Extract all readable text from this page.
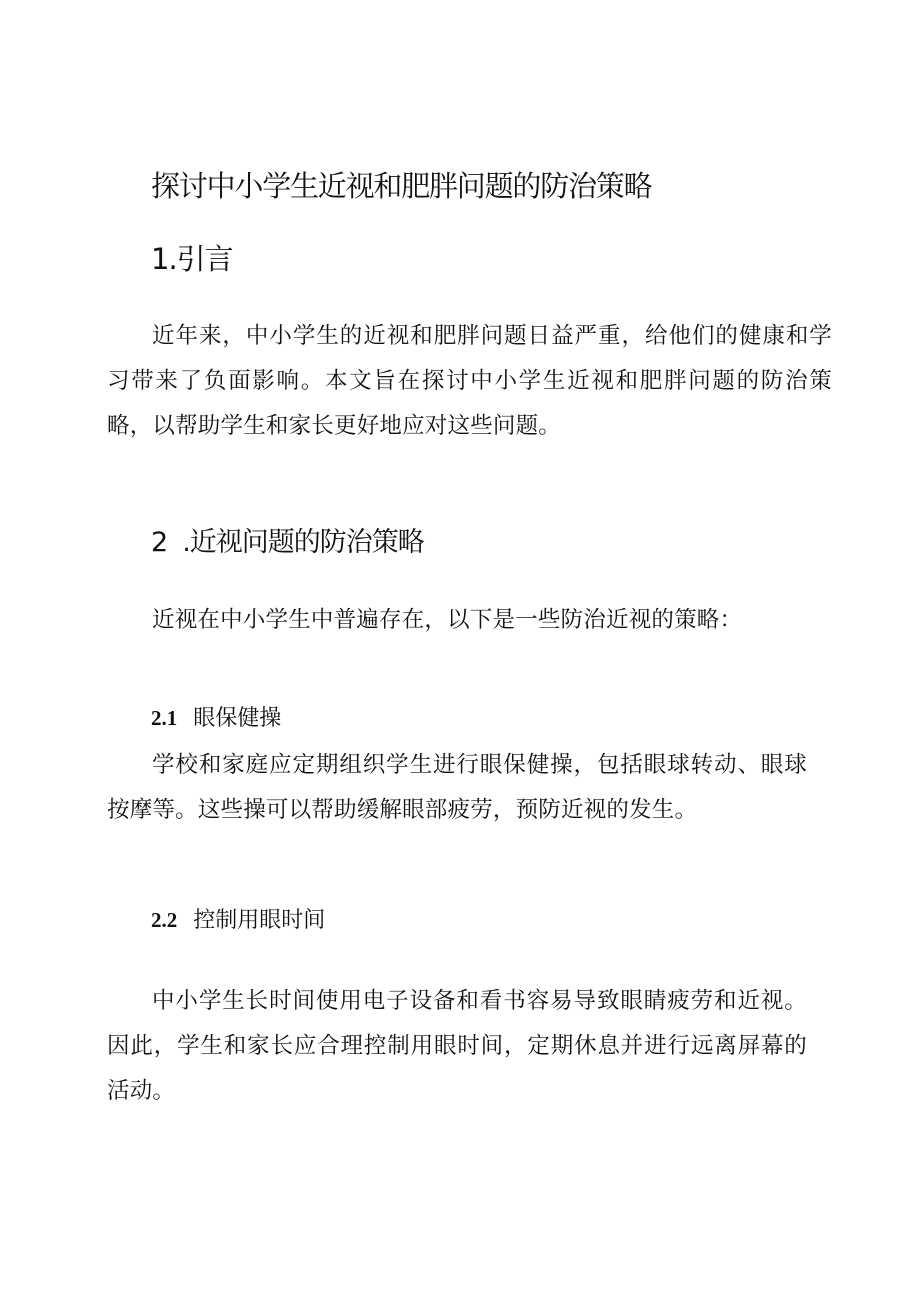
探讨中小学生近视和肥胖问题的防治策略
1.引言

近年来，中小学生的近视和肥胖问题日益严重，给他们的健康和学习带来了负面影响。本文旨在探讨中小学生近视和肥胖问题的防治策略，以帮助学生和家长更好地应对这些问题。

2 .近视问题的防治策略

近视在中小学生中普遍存在，以下是一些防治近视的策略：

2.1 眼保健操

学校和家庭应定期组织学生进行眼保健操，包括眼球转动、眼球按摩等。这些操可以帮助缓解眼部疲劳，预防近视的发生。

2.2 控制用眼时间

中小学生长时间使用电子设备和看书容易导致眼睛疲劳和近视。因此，学生和家长应合理控制用眼时间，定期休息并进行远离屏幕的活动。
